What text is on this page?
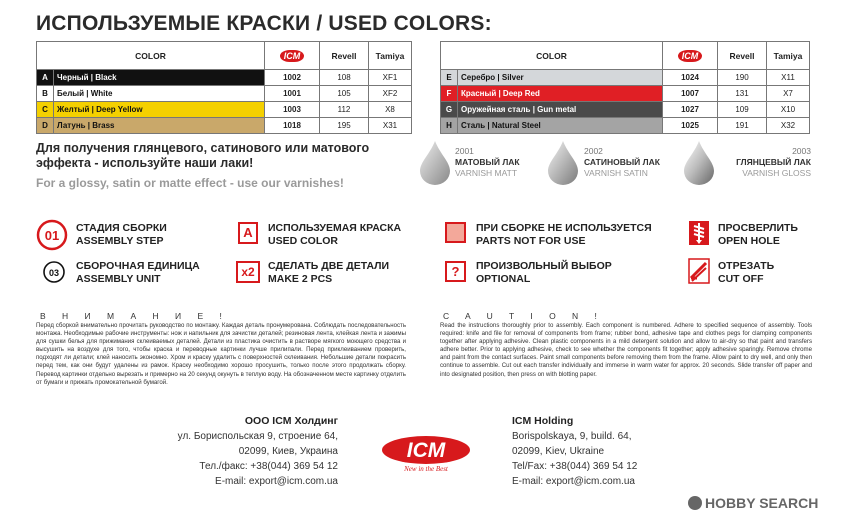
ИСПОЛЬЗУЕМЫЕ КРАСКИ / USED COLORS:
COLOR		ICM	Revell	Tamiya
A	Черный | Black	1002	108	XF1
B	Белый | White	1001	105	XF2
C	Желтый | Deep Yellow	1003	112	X8
D	Латунь | Brass	1018	195	X31
COLOR		ICM	Revell	Tamiya
E	Серебро | Silver	1024	190	X11
F	Красный | Deep Red	1007	131	X7
G	Оружейная сталь | Gun metal	1027	109	X10
H	Сталь | Natural Steel	1025	191	X32
Для получения глянцевого, сатинового или матового эффекта - используйте наши лаки!
For a glossy, satin or matte effect - use our varnishes!
2001
МАТОВЫЙ ЛАК
VARNISH MATT
2002
САТИНОВЫЙ ЛАК
VARNISH SATIN
2003
ГЛЯНЦЕВЫЙ ЛАК
VARNISH GLOSS
01 СТАДИЯ СБОРКИ
ASSEMBLY STEP
03
СБОРОЧНАЯ ЕДИНИЦА
ASSEMBLY UNIT
A	ИСПОЛЬЗУЕМАЯ КРАСКА
USED COLOR
x2	СДЕЛАТЬ ДВЕ ДЕТАЛИ
MAKE 2 PCS
ПРИ СБОРКЕ НЕ ИСПОЛЬЗУЕТСЯ
PARTS NOT FOR USE
?	ПРОИЗВОЛЬНЫЙ ВЫБОР
OPTIONAL
ПРОСВЕРЛИТЬ
OPEN HOLE
ОТРЕЗАТЬ
CUT OFF
В Н И М А Н И Е !
Перед сборкой внимательно прочитать руководство по монтажу. Каждая деталь пронумерована. Соблюдать последовательность монтажа. Необходимые рабочие инструменты: нож и напильник для зачистки деталей; резиновая лента, клейкая лента и зажимы для сушки белья для прижимания склеиваемых деталей. Детали из пластика очистить в растворе мягкого моющего средства и высушить на воздухе для того, чтобы краска и переводные картинки лучше прилипали. Перед приклеиванием проверить, подходят ли детали; клей наносить экономно. Хром и краску удалить с поверхностей склеивания. Небольшие детали покрасить перед тем, как они будут удалены из рамок. Краску необходимо хорошо просушить, только после этого продолжать сборку. Перевод картинки отдельно вырезать и примерно на 20 секунд окунуть в теплую воду. На обозначенном месте картинку отделить от бумаги и прижать промокательной бумагой.
C A U T I O N !
Read the instructions thoroughly prior to assembly. Each component is numbered. Adhere to specified sequence of assembly. Tools required: knife and file for removal of components from frame; rubber bond, adhesive tape and clothes pegs for clamping components together after applying adhesive. Clean plastic components in a mild detergent solution and allow to air-dry so that paint and transfers adhere better. Prior to applying adhesive, check to see whether the components fit together; apply adhesive sparingly. Remove chrome and paint from the contact surfaces. Paint small components before removing them from the frame. Allow paint to dry well, and only then continue to assemble. Cut out each transfer individually and immerse in warm water for approx. 20 seconds. Slide transfer off paper and into designated position, then press on with blotting paper.
ООО ICM Холдинг
ул. Бориспольская 9, строение 64,
02099, Киев, Украина
Тел./факс: +38(044) 369 54 12
E-mail: export@icm.com.ua
ICM
New in the Best
ICM Holding
Borispolskaya, 9, build. 64,
02099, Kiev, Ukraine
Tel/Fax: +38(044) 369 54 12
E-mail: export@icm.com.ua
HOBBY SEARCH
